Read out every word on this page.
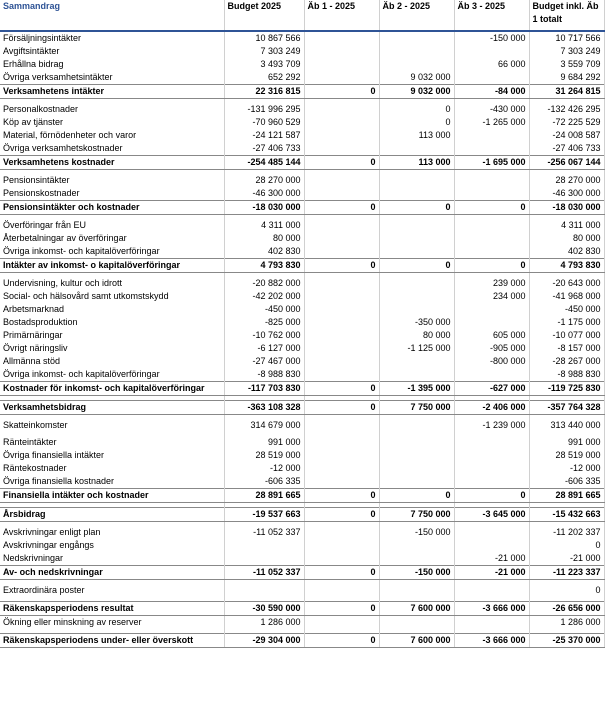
Sammandrag	Budget 2025	Äb 1 - 2025	Äb 2 - 2025	Äb 3 - 2025	Budget inkl. Äb 1 totalt
Försäljningsintäkter	10 867 566			-150 000	10 717 566
Avgiftsintäkter	7 303 249				7 303 249
Erhållna bidrag	3 493 709			66 000	3 559 709
Övriga verksamhetsintäkter	652 292		9 032 000		9 684 292
Verksamhetens intäkter	22 316 815	0	9 032 000	-84 000	31 264 815

Personalkostnader	-131 996 295		0	-430 000	-132 426 295
Köp av tjänster	-70 960 529		0	-1 265 000	-72 225 529
Material, förnödenheter och varor	-24 121 587		113 000		-24 008 587
Övriga verksamhetskostnader	-27 406 733				-27 406 733
Verksamhetens kostnader	-254 485 144	0	113 000	-1 695 000	-256 067 144

Pensionsintäkter	28 270 000				28 270 000
Pensionskostnader	-46 300 000				-46 300 000
Pensionsintäkter och kostnader	-18 030 000	0	0	0	-18 030 000

Överföringar från EU	4 311 000				4 311 000
Återbetalningar av överföringar	80 000				80 000
Övriga inkomst- och kapitalöverföringar	402 830				402 830
Intäkter av inkomst- o kapitalöverföringar	4 793 830	0	0	0	4 793 830

Undervisning, kultur och idrott	-20 882 000			239 000	-20 643 000
Social- och hälsovård samt utkomstskydd	-42 202 000			234 000	-41 968 000
Arbetsmarknad	-450 000				-450 000
Bostadsproduktion	-825 000		-350 000		-1 175 000
Primärnäringar	-10 762 000		80 000	605 000	-10 077 000
Övrigt näringsliv	-6 127 000		-1 125 000	-905 000	-8 157 000
Allmänna stöd	-27 467 000			-800 000	-28 267 000
Övriga inkomst- och kapitalöverföringar	-8 988 830				-8 988 830
Kostnader för inkomst- och kapitalöverföringar	-117 703 830	0	-1 395 000	-627 000	-119 725 830

Verksamhetsbidrag	-363 108 328	0	7 750 000	-2 406 000	-357 764 328

Skatteinkomster	314 679 000			-1 239 000	313 440 000

Ränteintäkter	991 000				991 000
Övriga finansiella intäkter	28 519 000				28 519 000
Räntekostnader	-12 000				-12 000
Övriga finansiella kostnader	-606 335				-606 335
Finansiella intäkter och kostnader	28 891 665	0	0	0	28 891 665

Årsbidrag	-19 537 663	0	7 750 000	-3 645 000	-15 432 663

Avskrivningar enligt plan	-11 052 337		-150 000		-11 202 337
Avskrivningar engångs					0
Nedskrivningar				-21 000	-21 000
Av- och nedskrivningar	-11 052 337	0	-150 000	-21 000	-11 223 337

Extraordinära poster					0

Räkenskapsperiodens resultat	-30 590 000	0	7 600 000	-3 666 000	-26 656 000
Ökning eller minskning av reserver	1 286 000				1 286 000

Räkenskapsperiodens under- eller överskott	-29 304 000	0	7 600 000	-3 666 000	-25 370 000
